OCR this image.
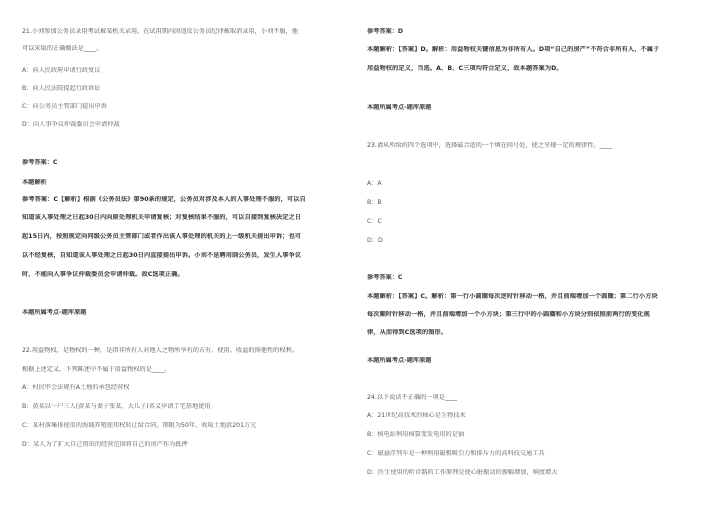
21.小刘参加公务员录用考试被某机关录用。在试用期内因违反公务员纪律被取消录用，小刘不服，他
可以采取的正确做法是____。
A：向人民政府申请行政复议
B：向人民法院提起行政诉讼
C：向公务员主管部门提出申诉
D：向人事争议仲裁委员会申请仲裁
参考答案：C
本题解析
参考答案：C【解析】根据《公务员法》第90条的规定，公务员对涉及本人的人事处理不服的，可以自
知道该人事处理之日起30日内向原处理机关申请复核；对复核结果不服的，可以自接到复核决定之日
起15日内，按照规定向同级公务员主管部门或者作出该人事处理的机关的上一级机关提出申诉；也可
以不经复核，自知道该人事处理之日起30日内直接提出申诉。小刘不是聘用制公务员，发生人事争议
时，不能向人事争议仲裁委员会申请仲裁。故C选项正确。
本题所属考点-题库原题
22.用益物权，是物权的一种，是指非所有人对他人之物所享有的占有、使用、收益的排他性的权利。
根据上述定义，下列陈述中不属于用益物权的是____。
A：村民甲会法规有A土地的承包经营权
B：黄某以一户三人(黄某与妻子张某、大儿子)名义申请了宅基地使用
C：某村落集体使用的海域养殖使用权转让给合同，期限为50年，收取土地款201万元
D：某人为了扩大自己资讯的经营范围将自己的房产作为抵押
参考答案：D
本题解析：【答案】D。解析：用益物权关键信息为非所有人。D项“自己的房产”不符合非所有人，不属于
用益物权的定义，当选。A、B、C三项均符合定义，故本题答案为D。
本题所属考点-题库原题
23.请从所给的四个选项中，选择最合适的一个填在问号处，使之呈现一定的规律性。____
A：A
B：B
C：C
D：D
参考答案：C
本题解析：【答案】C。解析：第一行小圆圈每次逆时针移动一格，并且前端增加一个圆圈；第二行小方块
每次顺时针移动一格，并且前端增加一个小方块；第三行中的小圆圈和小方块分别依照前两行的变化规
律，从而得到C选项的图形。
本题所属考点-题库原题
24.以下说法不正确的一项是____
A：21世纪高技术的核心是生物技术
B：核电站利用核裂变发电用的是铀
C：磁悬浮列车是一种利用磁极吸引力和排斥力的高科技交通工具
D：医生使用的听诊器的工作原理是使心脏振动的振幅增加，响度增大
